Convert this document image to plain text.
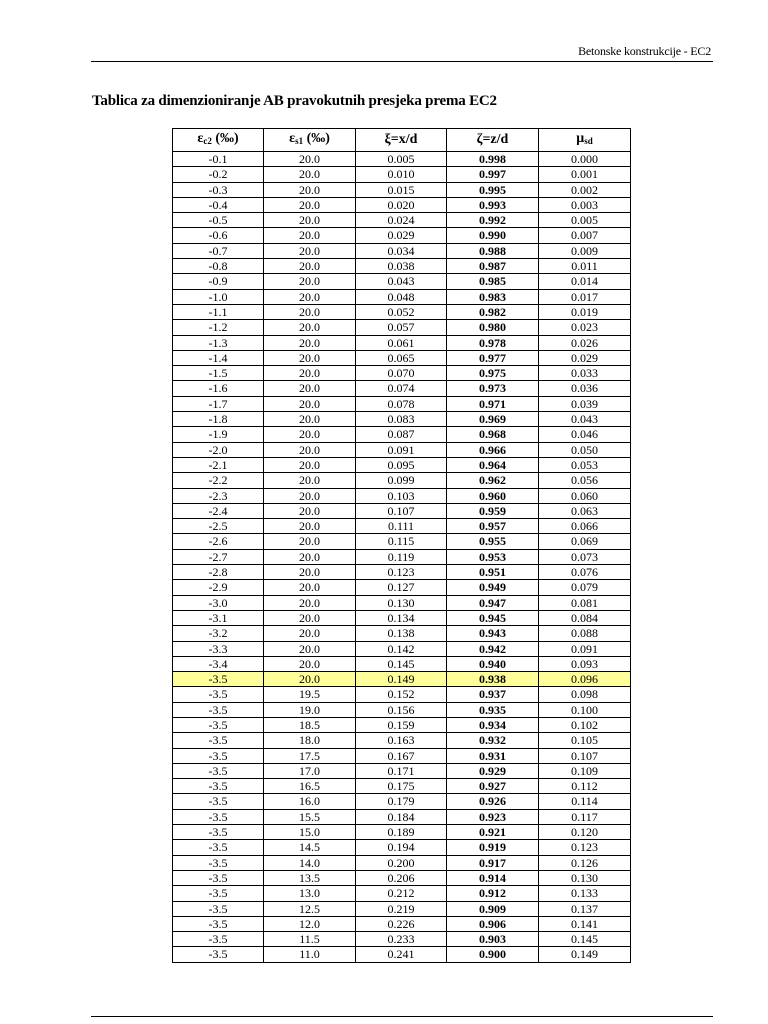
Betonske konstrukcije - EC2
Tablica za dimenzioniranje AB pravokutnih presjeka prema EC2
εc2 (‰)	εs1 (‰)	ξ=x/d	ζ=z/d	μsd
-0.1	20.0	0.005	0.998	0.000
-0.2	20.0	0.010	0.997	0.001
-0.3	20.0	0.015	0.995	0.002
-0.4	20.0	0.020	0.993	0.003
-0.5	20.0	0.024	0.992	0.005
-0.6	20.0	0.029	0.990	0.007
-0.7	20.0	0.034	0.988	0.009
-0.8	20.0	0.038	0.987	0.011
-0.9	20.0	0.043	0.985	0.014
-1.0	20.0	0.048	0.983	0.017
-1.1	20.0	0.052	0.982	0.019
-1.2	20.0	0.057	0.980	0.023
-1.3	20.0	0.061	0.978	0.026
-1.4	20.0	0.065	0.977	0.029
-1.5	20.0	0.070	0.975	0.033
-1.6	20.0	0.074	0.973	0.036
-1.7	20.0	0.078	0.971	0.039
-1.8	20.0	0.083	0.969	0.043
-1.9	20.0	0.087	0.968	0.046
-2.0	20.0	0.091	0.966	0.050
-2.1	20.0	0.095	0.964	0.053
-2.2	20.0	0.099	0.962	0.056
-2.3	20.0	0.103	0.960	0.060
-2.4	20.0	0.107	0.959	0.063
-2.5	20.0	0.111	0.957	0.066
-2.6	20.0	0.115	0.955	0.069
-2.7	20.0	0.119	0.953	0.073
-2.8	20.0	0.123	0.951	0.076
-2.9	20.0	0.127	0.949	0.079
-3.0	20.0	0.130	0.947	0.081
-3.1	20.0	0.134	0.945	0.084
-3.2	20.0	0.138	0.943	0.088
-3.3	20.0	0.142	0.942	0.091
-3.4	20.0	0.145	0.940	0.093
-3.5	20.0	0.149	0.938	0.096
-3.5	19.5	0.152	0.937	0.098
-3.5	19.0	0.156	0.935	0.100
-3.5	18.5	0.159	0.934	0.102
-3.5	18.0	0.163	0.932	0.105
-3.5	17.5	0.167	0.931	0.107
-3.5	17.0	0.171	0.929	0.109
-3.5	16.5	0.175	0.927	0.112
-3.5	16.0	0.179	0.926	0.114
-3.5	15.5	0.184	0.923	0.117
-3.5	15.0	0.189	0.921	0.120
-3.5	14.5	0.194	0.919	0.123
-3.5	14.0	0.200	0.917	0.126
-3.5	13.5	0.206	0.914	0.130
-3.5	13.0	0.212	0.912	0.133
-3.5	12.5	0.219	0.909	0.137
-3.5	12.0	0.226	0.906	0.141
-3.5	11.5	0.233	0.903	0.145
-3.5	11.0	0.241	0.900	0.149
